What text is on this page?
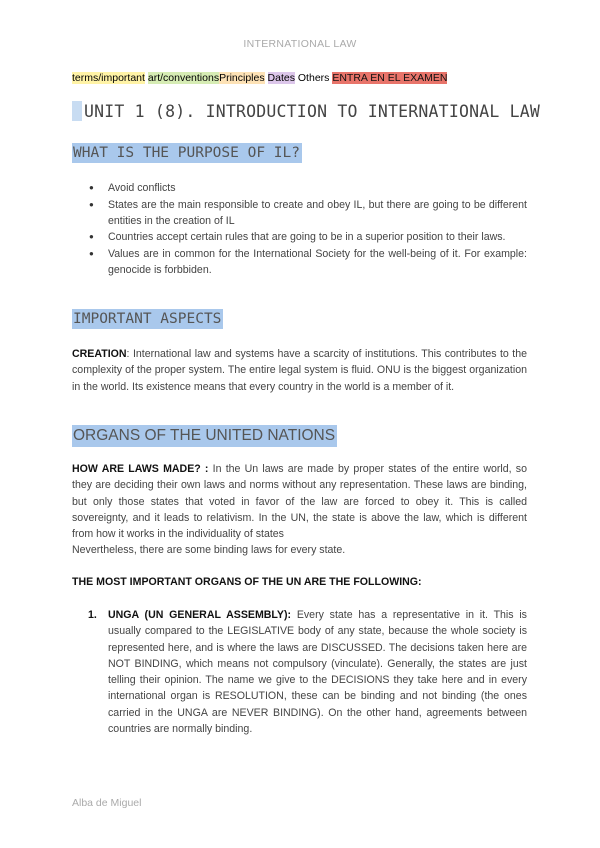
INTERNATIONAL LAW
terms/important art/conventionsPrinciples Dates Others ENTRA EN EL EXAMEN
UNIT 1 (8). INTRODUCTION TO INTERNATIONAL LAW
WHAT IS THE PURPOSE OF IL?
● Avoid conflicts
● States are the main responsible to create and obey IL, but there are going to be different entities in the creation of IL
● Countries accept certain rules that are going to be in a superior position to their laws.
● Values are in common for the International Society for the well-being of it. For example: genocide is forbbiden.
IMPORTANT ASPECTS

CREATION: International law and systems have a scarcity of institutions. This contributes to the complexity of the proper system. The entire legal system is fluid. ONU is the biggest organization in the world. Its existence means that every country in the world is a member of it.

ORGANS OF THE UNITED NATIONS

HOW ARE LAWS MADE? : In the Un laws are made by proper states of the entire world, so they are deciding their own laws and norms without any representation. These laws are binding, but only those states that voted in favor of the law are forced to obey it. This is called sovereignty, and it leads to relativism. In the UN, the state is above the law, which is different from how it works in the individuality of states
Nevertheless, there are some binding laws for every state.

THE MOST IMPORTANT ORGANS OF THE UN ARE THE FOLLOWING:

1. UNGA (UN GENERAL ASSEMBLY): Every state has a representative in it. This is usually compared to the LEGISLATIVE body of any state, because the whole society is represented here, and is where the laws are DISCUSSED. The decisions taken here are NOT BINDING, which means not compulsory (vinculate). Generally, the states are just telling their opinion. The name we give to the DECISIONS they take here and in every international organ is RESOLUTION, these can be binding and not binding (the ones carried in the UNGA are NEVER BINDING). On the other hand, agreements between countries are normally binding.
Alba de Miguel
